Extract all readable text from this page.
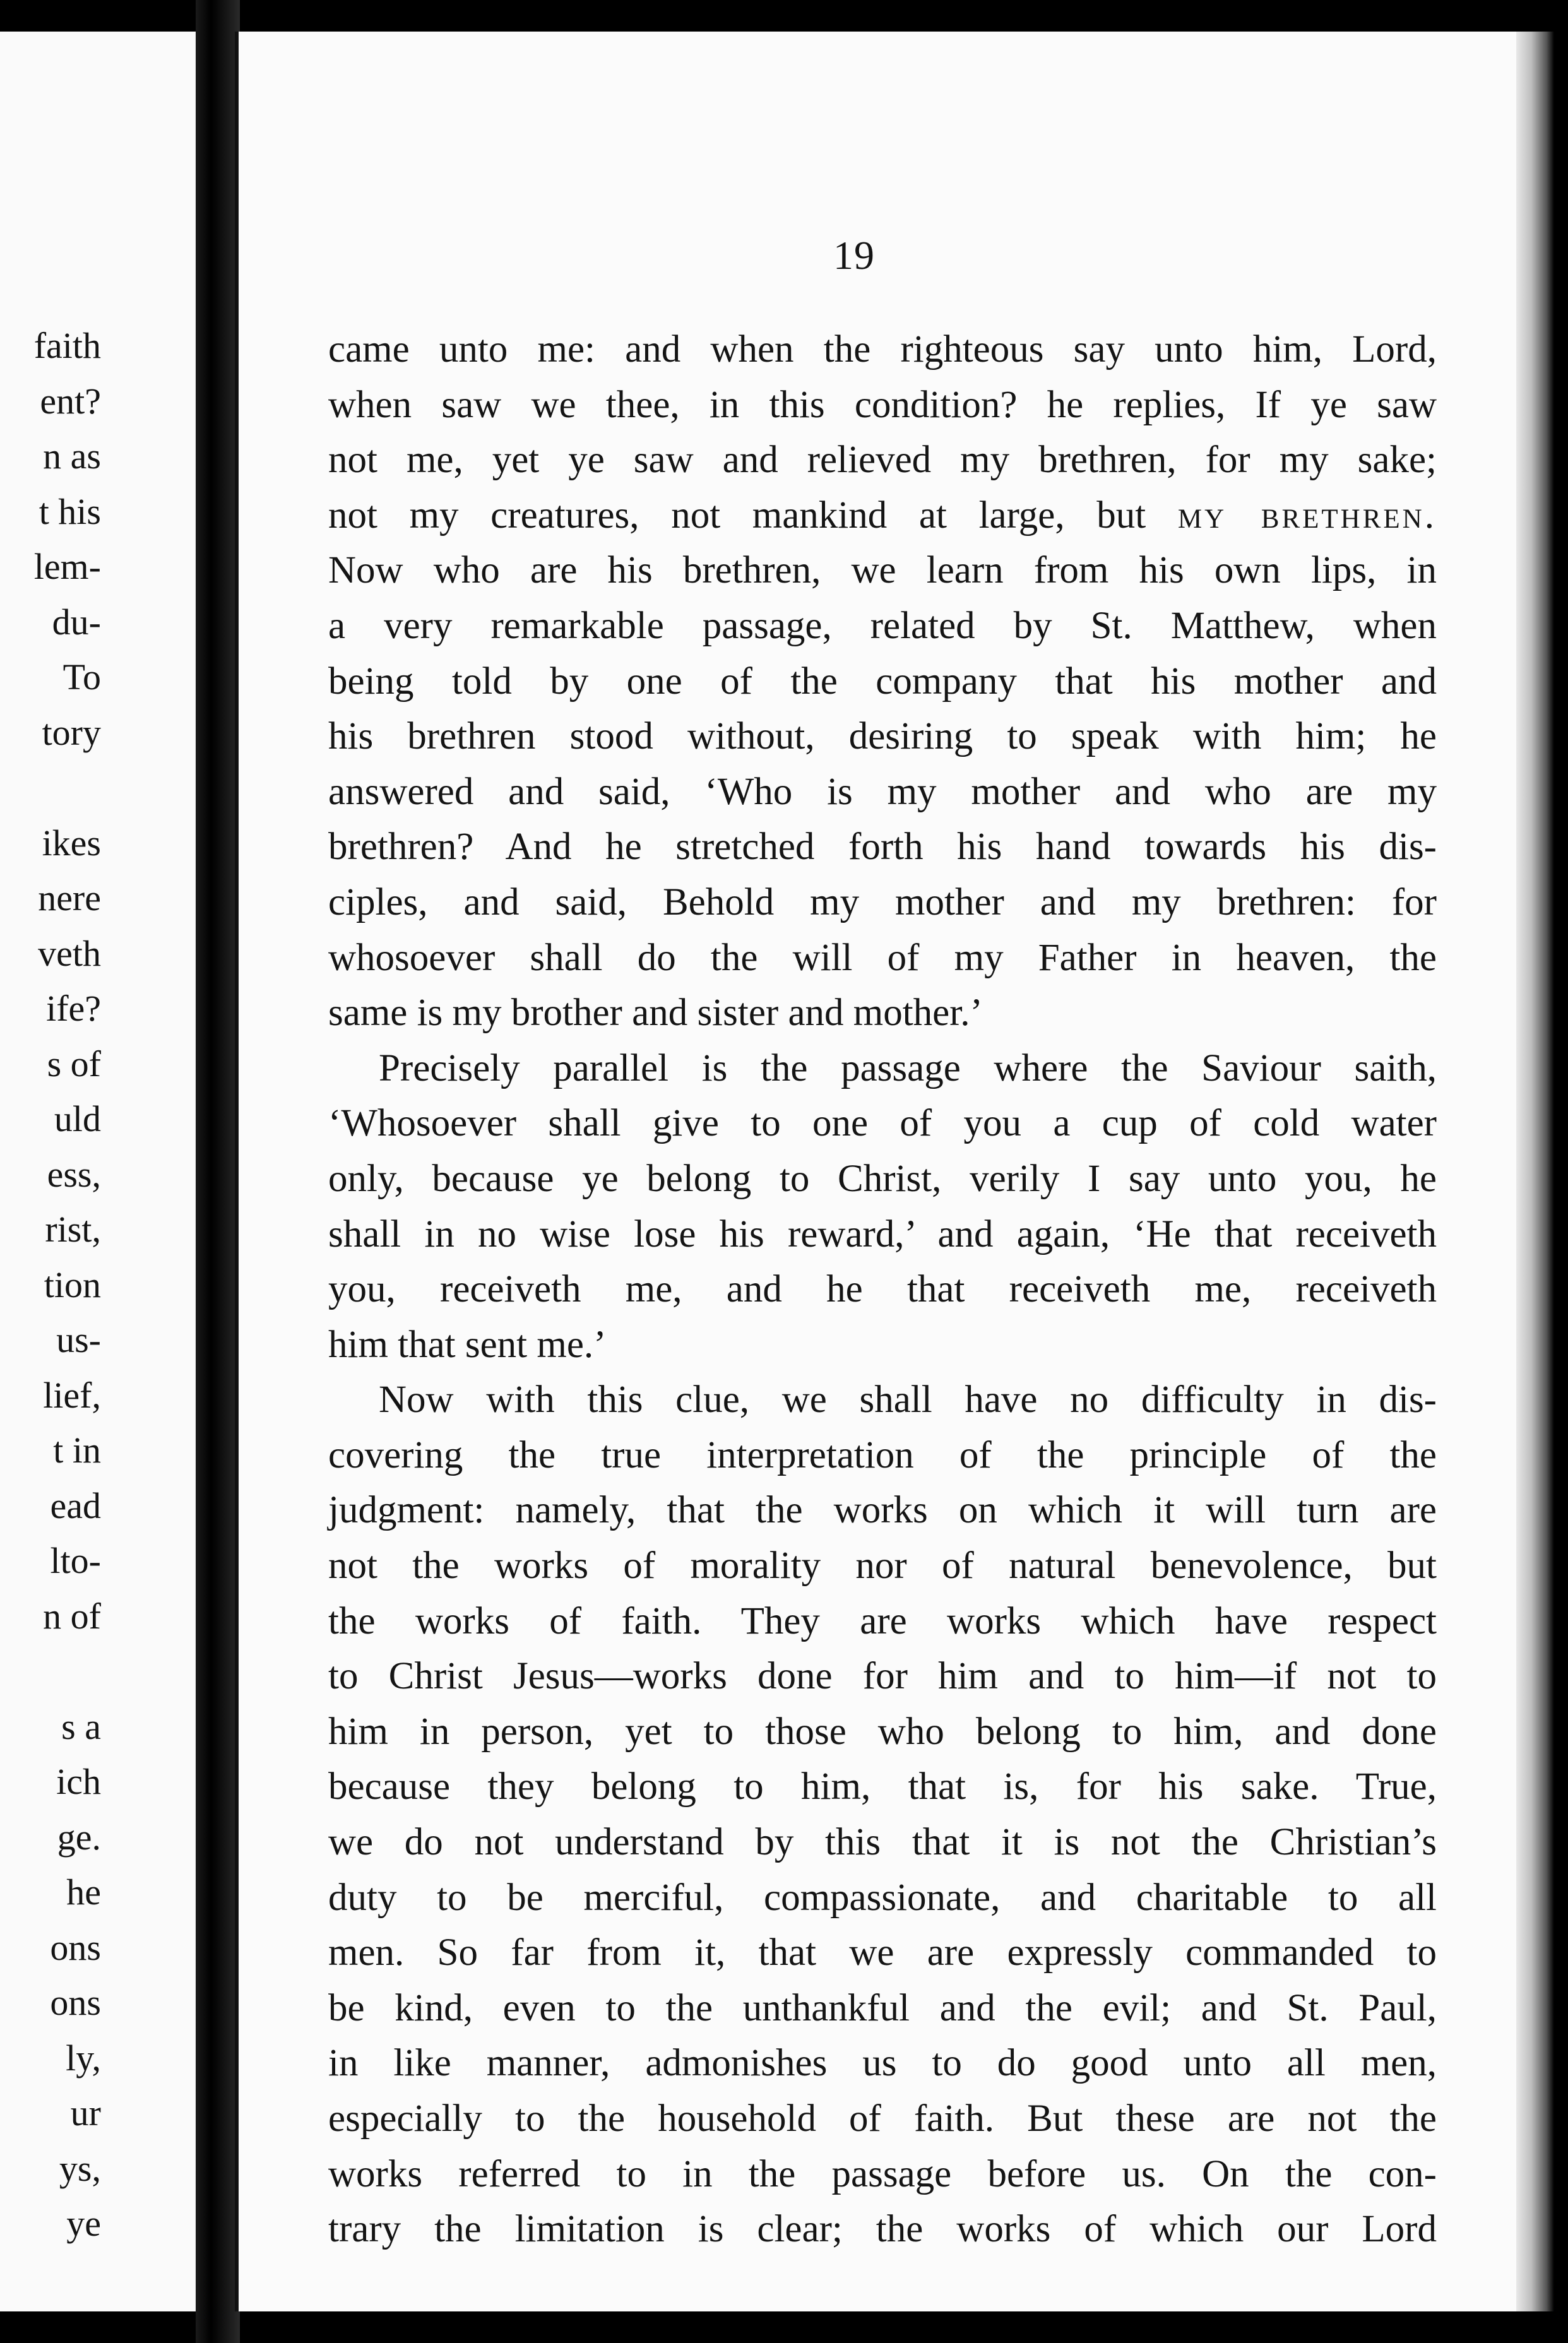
faith
ent?
n as
t his
lem-
du-
To
tory
ikes
nere
veth
ife?
s of
uld
ess,
rist,
tion
us-
lief,
t in
ead
lto-
n of
s a
ich
ge.
he
ons
ons
ly,
ur
ys,
ye
19
came unto me: and when the righteous say unto him, Lord,
when saw we thee, in this condition? he replies, If ye saw
not me, yet ye saw and relieved my brethren, for my sake;
not my creatures, not mankind at large, but my brethren.
Now who are his brethren, we learn from his own lips, in
a very remarkable passage, related by St. Matthew, when
being told by one of the company that his mother and
his brethren stood without, desiring to speak with him; he
answered and said, ‘Who is my mother and who are my
brethren? And he stretched forth his hand towards his dis-
ciples, and said, Behold my mother and my brethren: for
whosoever shall do the will of my Father in heaven, the
same is my brother and sister and mother.’
Precisely parallel is the passage where the Saviour saith,
‘Whosoever shall give to one of you a cup of cold water
only, because ye belong to Christ, verily I say unto you, he
shall in no wise lose his reward,’ and again, ‘He that receiveth
you, receiveth me, and he that receiveth me, receiveth
him that sent me.’
Now with this clue, we shall have no difficulty in dis-
covering the true interpretation of the principle of the
judgment: namely, that the works on which it will turn are
not the works of morality nor of natural benevolence, but
the works of faith. They are works which have respect
to Christ Jesus—works done for him and to him—if not to
him in person, yet to those who belong to him, and done
because they belong to him, that is, for his sake. True,
we do not understand by this that it is not the Christian’s
duty to be merciful, compassionate, and charitable to all
men. So far from it, that we are expressly commanded to
be kind, even to the unthankful and the evil; and St. Paul,
in like manner, admonishes us to do good unto all men,
especially to the household of faith. But these are not the
works referred to in the passage before us. On the con-
trary the limitation is clear; the works of which our Lord
